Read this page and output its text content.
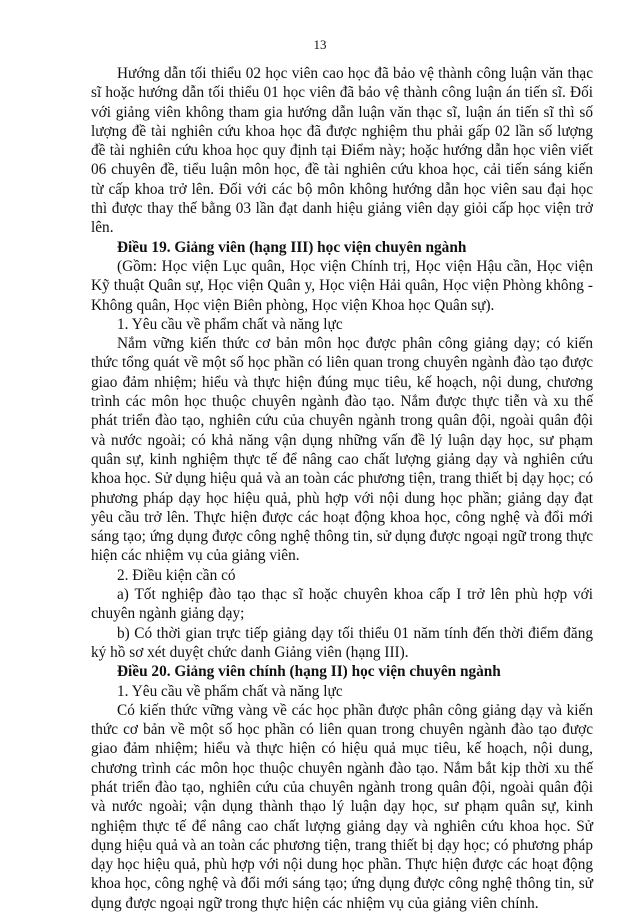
13

Hướng dẫn tối thiểu 02 học viên cao học đã bảo vệ thành công luận văn thạc sĩ hoặc hướng dẫn tối thiểu 01 học viên đã bảo vệ thành công luận án tiến sĩ. Đối với giảng viên không tham gia hướng dẫn luận văn thạc sĩ, luận án tiến sĩ thì số lượng đề tài nghiên cứu khoa học đã được nghiệm thu phải gấp 02 lần số lượng đề tài nghiên cứu khoa học quy định tại Điểm này; hoặc hướng dẫn học viên viết 06 chuyên đề, tiểu luận môn học, đề tài nghiên cứu khoa học, cải tiến sáng kiến từ cấp khoa trở lên. Đối với các bộ môn không hướng dẫn học viên sau đại học thì được thay thế bằng 03 lần đạt danh hiệu giảng viên dạy giỏi cấp học viện trở lên.

Điều 19. Giảng viên (hạng III) học viện chuyên ngành

(Gồm: Học viện Lục quân, Học viện Chính trị, Học viện Hậu cần, Học viện Kỹ thuật Quân sự, Học viện Quân y, Học viện Hải quân, Học viện Phòng không - Không quân, Học viện Biên phòng, Học viện Khoa học Quân sự).

1. Yêu cầu về phẩm chất và năng lực

Nắm vững kiến thức cơ bản môn học được phân công giảng dạy; có kiến thức tổng quát về một số học phần có liên quan trong chuyên ngành đào tạo được giao đảm nhiệm; hiểu và thực hiện đúng mục tiêu, kế hoạch, nội dung, chương trình các môn học thuộc chuyên ngành đào tạo. Nắm được thực tiễn và xu thế phát triển đào tạo, nghiên cứu của chuyên ngành trong quân đội, ngoài quân đội và nước ngoài; có khả năng vận dụng những vấn đề lý luận dạy học, sư phạm quân sự, kinh nghiệm thực tế để nâng cao chất lượng giảng dạy và nghiên cứu khoa học. Sử dụng hiệu quả và an toàn các phương tiện, trang thiết bị dạy học; có phương pháp dạy học hiệu quả, phù hợp với nội dung học phần; giảng dạy đạt yêu cầu trở lên. Thực hiện được các hoạt động khoa học, công nghệ và đổi mới sáng tạo; ứng dụng được công nghệ thông tin, sử dụng được ngoại ngữ trong thực hiện các nhiệm vụ của giảng viên.

2. Điều kiện cần có

a) Tốt nghiệp đào tạo thạc sĩ hoặc chuyên khoa cấp I trở lên phù hợp với chuyên ngành giảng dạy;

b) Có thời gian trực tiếp giảng dạy tối thiểu 01 năm tính đến thời điểm đăng ký hồ sơ xét duyệt chức danh Giảng viên (hạng III).

Điều 20. Giảng viên chính (hạng II) học viện chuyên ngành

1. Yêu cầu về phẩm chất và năng lực

Có kiến thức vững vàng về các học phần được phân công giảng dạy và kiến thức cơ bản về một số học phần có liên quan trong chuyên ngành đào tạo được giao đảm nhiệm; hiểu và thực hiện có hiệu quả mục tiêu, kế hoạch, nội dung, chương trình các môn học thuộc chuyên ngành đào tạo. Nắm bắt kịp thời xu thế phát triển đào tạo, nghiên cứu của chuyên ngành trong quân đội, ngoài quân đội và nước ngoài; vận dụng thành thạo lý luận dạy học, sư phạm quân sự, kinh nghiệm thực tế để nâng cao chất lượng giảng dạy và nghiên cứu khoa học. Sử dụng hiệu quả và an toàn các phương tiện, trang thiết bị dạy học; có phương pháp dạy học hiệu quả, phù hợp với nội dung học phần. Thực hiện được các hoạt động khoa học, công nghệ và đổi mới sáng tạo; ứng dụng được công nghệ thông tin, sử dụng được ngoại ngữ trong thực hiện các nhiệm vụ của giảng viên chính.
